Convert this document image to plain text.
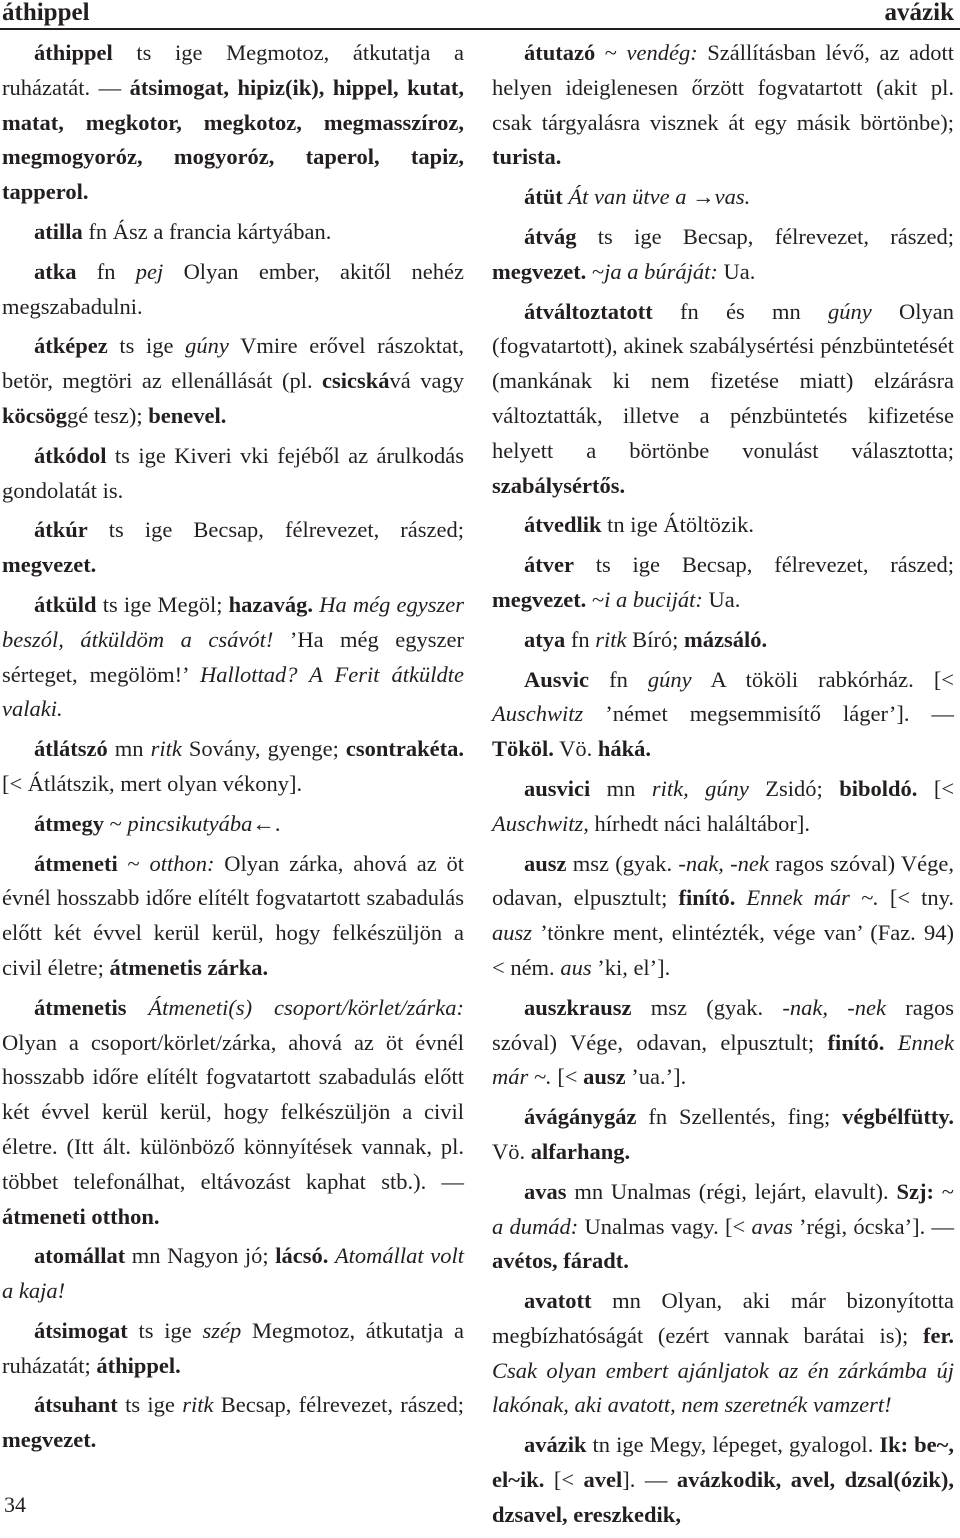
áthippel	avázik

áthippel ts ige Megmotoz, átkutatja a ruházatát. — átsimogat, hipiz(ik), hippel, kutat, matat, megkotor, megkotoz, megmasszíroz, megmogyoróz, mogyoróz, taperol, tapiz, tapperol.

atilla fn Ász a francia kártyában.

atka fn pej Olyan ember, akitől nehéz megszabadulni.

átképez ts ige gúny Vmire erővel rászoktat, betör, megtöri az ellenállását (pl. csicskává vagy köcsöggé tesz); benevel.

átkódol ts ige Kiveri vki fejéből az árulkodás gondolatát is.

átkúr ts ige Becsap, félrevezet, rászed; megvezet.

átküld ts ige Megöl; hazavág. Ha még egyszer beszól, átküldöm a csávót! ’Ha még egyszer sérteget, megölöm!’ Hallottad? A Ferit átküldte valaki.

átlátszó mn ritk Sovány, gyenge; csontrakéta. [< Átlátszik, mert olyan vékony].

átmegy ~ pincsikutyába←.

átmeneti ~ otthon: Olyan zárka, ahová az öt évnél hosszabb időre elítélt fogvatartott szabadulás előtt két évvel kerül kerül, hogy felkészüljön a civil életre; átmenetis zárka.

átmenetis Átmeneti(s) csoport/körlet/zárka: Olyan a csoport/körlet/zárka, ahová az öt évnél hosszabb időre elítélt fogvatartott szabadulás előtt két évvel kerül kerül, hogy felkészüljön a civil életre. (Itt ált. különböző könnyítések vannak, pl. többet telefonálhat, eltávozást kaphat stb.). — átmeneti otthon.

atomállat mn Nagyon jó; lácsó. Atomállat volt a kaja!

átsimogat ts ige szép Megmotoz, átkutatja a ruházatát; áthippel.

átsuhant ts ige ritk Becsap, félrevezet, rászed; megvezet.

átutazó ~ vendég: Szállításban lévő, az adott helyen ideiglenesen őrzött fogvatartott (akit pl. csak tárgyalásra visznek át egy másik börtönbe); turista.

átüt Át van ütve a →vas.

átvág ts ige Becsap, félrevezet, rászed; megvezet. ~ja a búráját: Ua.

átváltoztatott fn és mn gúny Olyan (fogvatartott), akinek szabálysértési pénzbüntetését (mankának ki nem fizetése miatt) elzárásra változtatták, illetve a pénzbüntetés kifizetése helyett a börtönbe vonulást választotta; szabálysértős.

átvedlik tn ige Átöltözik.

átver ts ige Becsap, félrevezet, rászed; megvezet. ~i a buciját: Ua.

atya fn ritk Bíró; mázsáló.

Ausvic fn gúny A tököli rabkórház. [< Auschwitz ’német megsemmisítő láger’]. — Tököl. Vö. háká.

ausvici mn ritk, gúny Zsidó; biboldó. [< Auschwitz, hírhedt náci haláltábor].

ausz msz (gyak. -nak, -nek ragos szóval) Vége, odavan, elpusztult; finító. Ennek már ~. [< tny. ausz ’tönkre ment, elintézték, vége van’ (Faz. 94) < ném. aus ’ki, el’].

auszkrausz msz (gyak. -nak, -nek ragos szóval) Vége, odavan, elpusztult; finító. Ennek már ~. [< ausz ’ua.’].

ávágánygáz fn Szellentés, fing; végbélfütty. Vö. alfarhang.

avas mn Unalmas (régi, lejárt, elavult). Szj: ~ a dumád: Unalmas vagy. [< avas ’régi, ócska’]. — avétos, fáradt.

avatott mn Olyan, aki már bizonyította megbízhatóságát (ezért vannak barátai is); fer. Csak olyan embert ajánljatok az én zárkámba új lakónak, aki avatott, nem szeretnék vamzert!

avázik tn ige Megy, lépeget, gyalogol. Ik: be~, el~ik. [< avel]. — avázkodik, avel, dzsal(ózik), dzsavel, ereszkedik,

34
